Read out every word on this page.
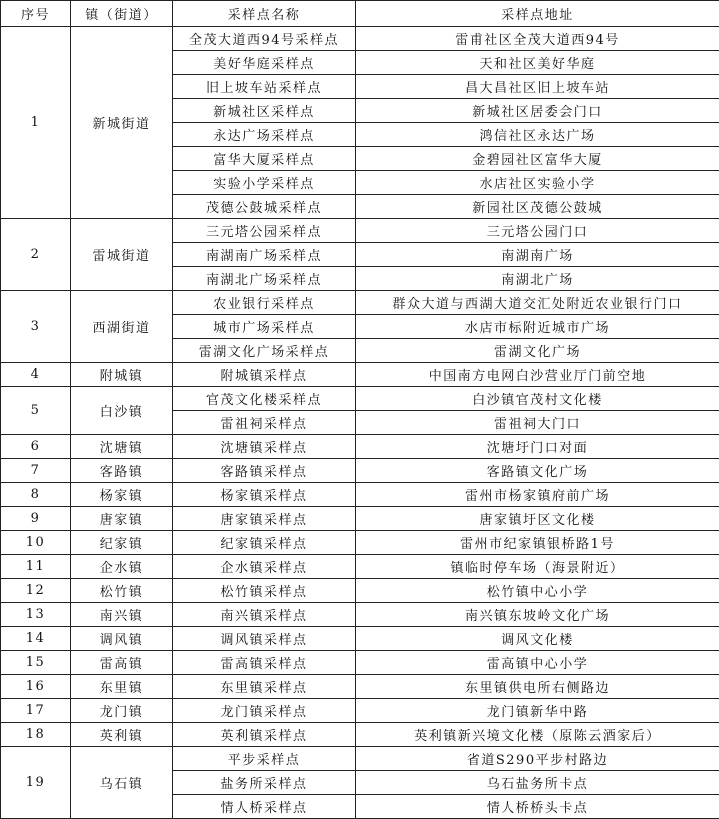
序号	镇（街道）	采样点名称	采样点地址
1	新城街道	全茂大道西94号采样点	雷甫社区全茂大道西94号
		美好华庭采样点	天和社区美好华庭
		旧上坡车站采样点	昌大昌社区旧上坡车站
		新城社区采样点	新城社区居委会门口
		永达广场采样点	鸿信社区永达广场
		富华大厦采样点	金碧园社区富华大厦
		实验小学采样点	水店社区实验小学
		茂德公鼓城采样点	新园社区茂德公鼓城
2	雷城街道	三元塔公园采样点	三元塔公园门口
		南湖南广场采样点	南湖南广场
		南湖北广场采样点	南湖北广场
3	西湖街道	农业银行采样点	群众大道与西湖大道交汇处附近农业银行门口
		城市广场采样点	水店市标附近城市广场
		雷湖文化广场采样点	雷湖文化广场
4	附城镇	附城镇采样点	中国南方电网白沙营业厅门前空地
5	白沙镇	官茂文化楼采样点	白沙镇官茂村文化楼
		雷祖祠采样点	雷祖祠大门口
6	沈塘镇	沈塘镇采样点	沈塘圩门口对面
7	客路镇	客路镇采样点	客路镇文化广场
8	杨家镇	杨家镇采样点	雷州市杨家镇府前广场
9	唐家镇	唐家镇采样点	唐家镇圩区文化楼
10	纪家镇	纪家镇采样点	雷州市纪家镇银桥路1号
11	企水镇	企水镇采样点	镇临时停车场（海景附近）
12	松竹镇	松竹镇采样点	松竹镇中心小学
13	南兴镇	南兴镇采样点	南兴镇东坡岭文化广场
14	调风镇	调风镇采样点	调风文化楼
15	雷高镇	雷高镇采样点	雷高镇中心小学
16	东里镇	东里镇采样点	东里镇供电所右侧路边
17	龙门镇	龙门镇采样点	龙门镇新华中路
18	英利镇	英利镇采样点	英利镇新兴境文化楼（原陈云酒家后）
19	乌石镇	平步采样点	省道S290平步村路边
		盐务所采样点	乌石盐务所卡点
		情人桥采样点	情人桥桥头卡点
